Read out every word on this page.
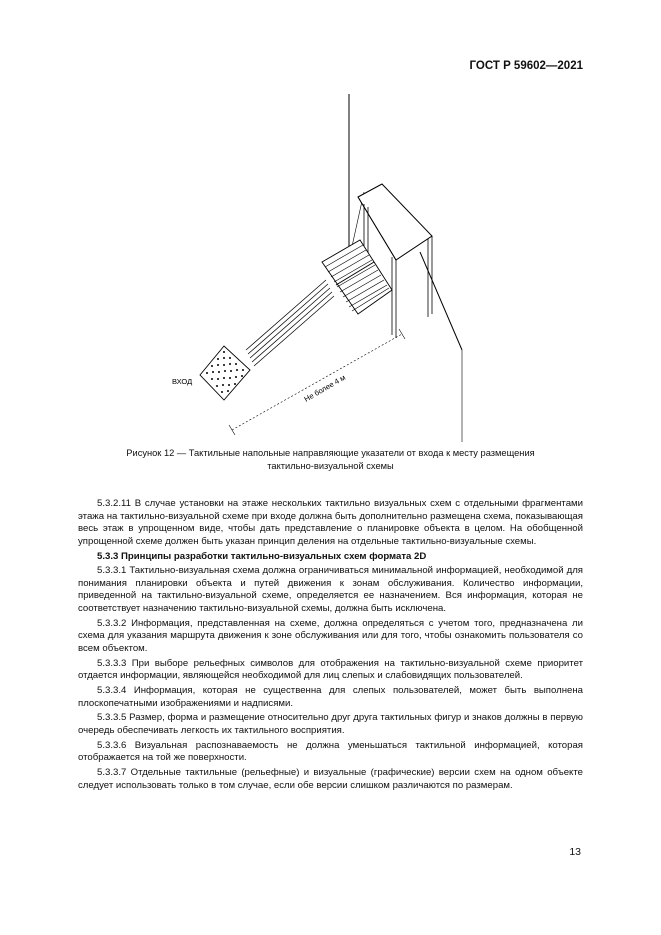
ГОСТ Р 59602—2021
ВХОД	Не более 4 м
Рисунок 12 — Тактильные напольные направляющие указатели от входа к месту размещения
тактильно-визуальной схемы

5.3.2.11 В случае установки на этаже нескольких тактильно визуальных схем с отдельными фрагментами этажа на тактильно-визуальной схеме при входе должна быть дополнительно размещена схема, показывающая весь этаж в упрощенном виде, чтобы дать представление о планировке объекта в целом. На обобщенной упрощенной схеме должен быть указан принцип деления на отдельные тактильно-визуальные схемы.

5.3.3 Принципы разработки тактильно-визуальных схем формата 2D

5.3.3.1 Тактильно-визуальная схема должна ограничиваться минимальной информацией, необходимой для понимания планировки объекта и путей движения к зонам обслуживания. Количество информации, приведенной на тактильно-визуальной схеме, определяется ее назначением. Вся информация, которая не соответствует назначению тактильно-визуальной схемы, должна быть исключена.

5.3.3.2 Информация, представленная на схеме, должна определяться с учетом того, предназначена ли схема для указания маршрута движения к зоне обслуживания или для того, чтобы ознакомить пользователя со всем объектом.

5.3.3.3 При выборе рельефных символов для отображения на тактильно-визуальной схеме приоритет отдается информации, являющейся необходимой для лиц слепых и слабовидящих пользователей.

5.3.3.4 Информация, которая не существенна для слепых пользователей, может быть выполнена плоскопечатными изображениями и надписями.

5.3.3.5 Размер, форма и размещение относительно друг друга тактильных фигур и знаков должны в первую очередь обеспечивать легкость их тактильного восприятия.

5.3.3.6 Визуальная распознаваемость не должна уменьшаться тактильной информацией, которая отображается на той же поверхности.

5.3.3.7 Отдельные тактильные (рельефные) и визуальные (графические) версии схем на одном объекте следует использовать только в том случае, если обе версии слишком различаются по размерам.

13
